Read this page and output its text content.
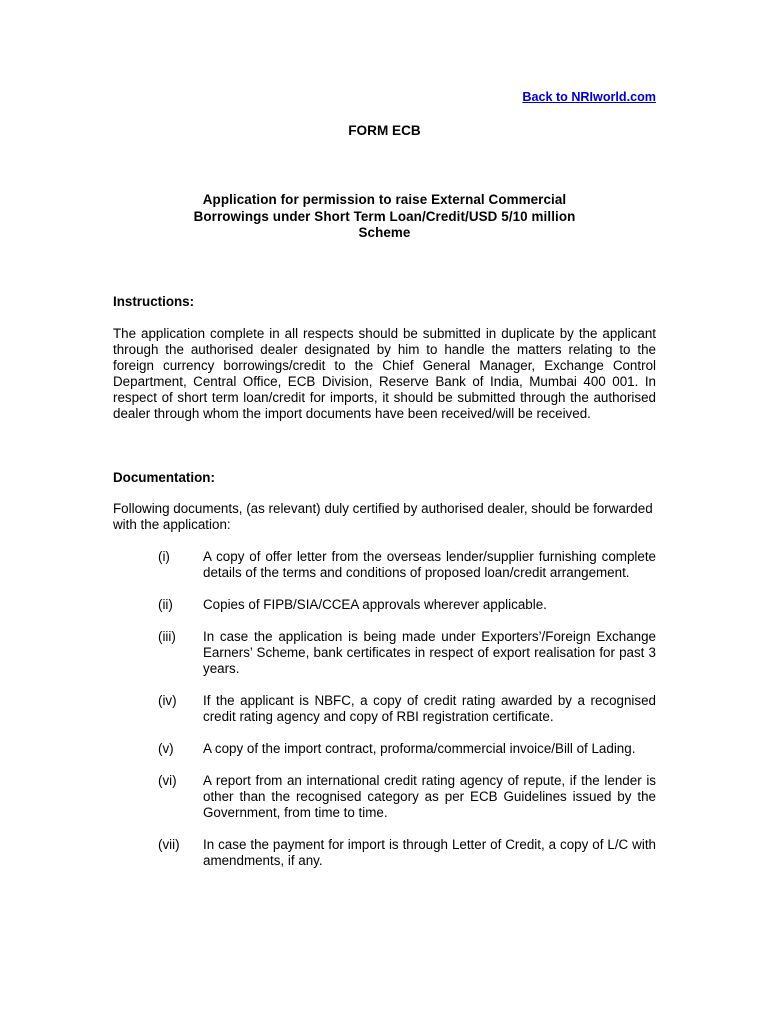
Back to NRIworld.com
FORM ECB
Application for permission to raise External Commercial
Borrowings under Short Term Loan/Credit/USD 5/10 million
Scheme
Instructions:

The application complete in all respects should be submitted in duplicate by the applicant through the authorised dealer designated by him to handle the matters relating to the foreign currency borrowings/credit to the Chief General Manager, Exchange Control Department, Central Office, ECB Division, Reserve Bank of India, Mumbai 400 001. In respect of short term loan/credit for imports, it should be submitted through the authorised dealer through whom the import documents have been received/will be received.

Documentation:

Following documents, (as relevant) duly certified by authorised dealer, should be forwarded with the application:

(i)	A copy of offer letter from the overseas lender/supplier furnishing complete details of the terms and conditions of proposed loan/credit arrangement.
(ii)	Copies of FIPB/SIA/CCEA approvals wherever applicable.
(iii)	In case the application is being made under Exporters’/Foreign Exchange Earners’ Scheme, bank certificates in respect of export realisation for past 3 years.
(iv)	If the applicant is NBFC, a copy of credit rating awarded by a recognised credit rating agency and copy of RBI registration certificate.
(v)	A copy of the import contract, proforma/commercial invoice/Bill of Lading.
(vi)	A report from an international credit rating agency of repute, if the lender is other than the recognised category as per ECB Guidelines issued by the Government, from time to time.
(vii)	In case the payment for import is through Letter of Credit, a copy of L/C with amendments, if any.
